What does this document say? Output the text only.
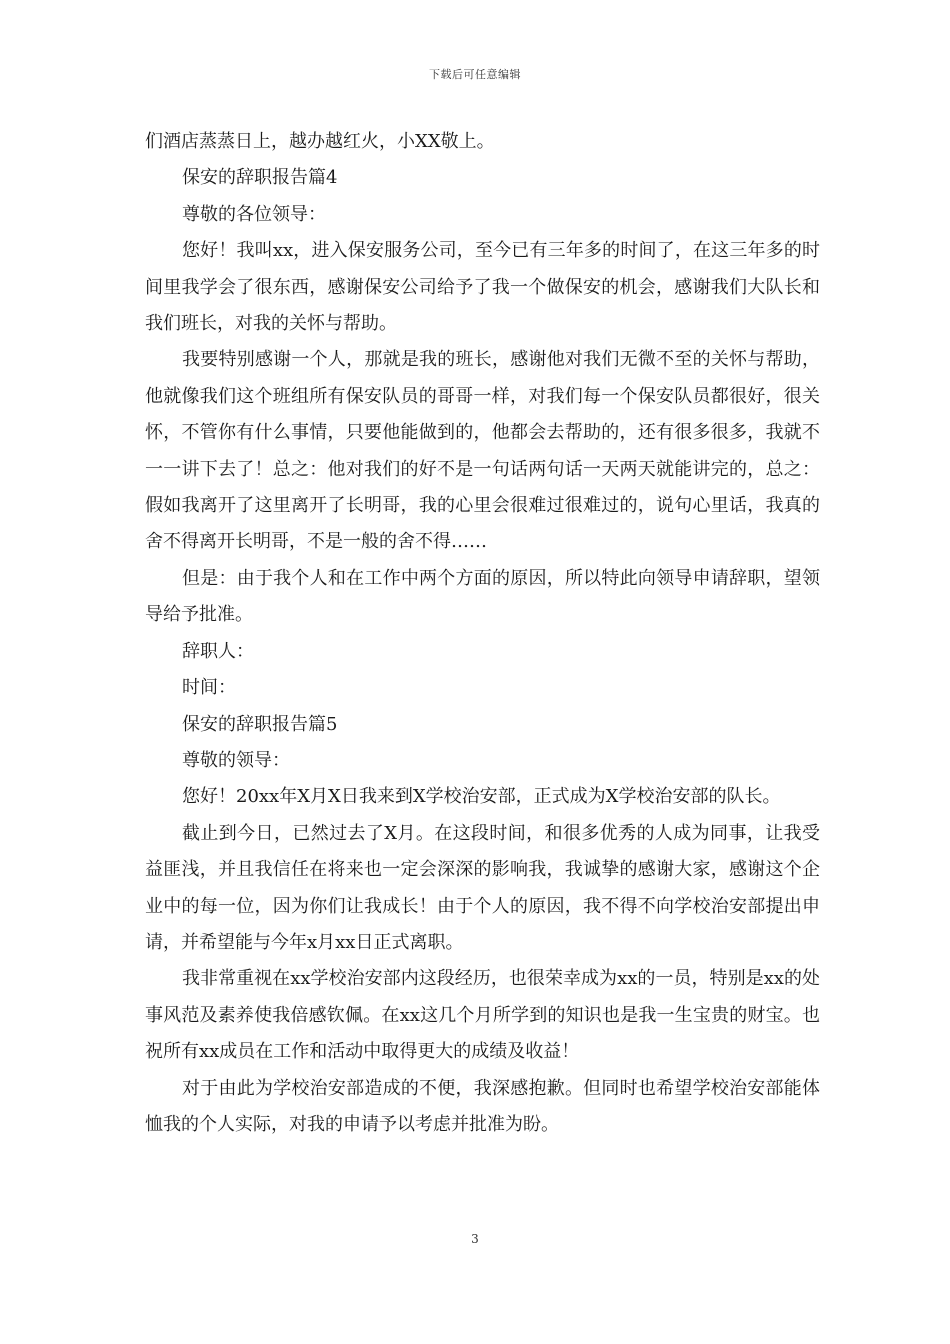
下载后可任意编辑

们酒店蒸蒸日上，越办越红火，小XX敬上。

保安的辞职报告篇4

尊敬的各位领导：

您好！我叫xx，进入保安服务公司，至今已有三年多的时间了，在这三年多的时间里我学会了很东西，感谢保安公司给予了我一个做保安的机会，感谢我们大队长和我们班长，对我的关怀与帮助。

我要特别感谢一个人，那就是我的班长，感谢他对我们无微不至的关怀与帮助，他就像我们这个班组所有保安队员的哥哥一样，对我们每一个保安队员都很好，很关怀，不管你有什么事情，只要他能做到的，他都会去帮助的，还有很多很多，我就不一一讲下去了！总之：他对我们的好不是一句话两句话一天两天就能讲完的，总之：假如我离开了这里离开了长明哥，我的心里会很难过很难过的，说句心里话，我真的舍不得离开长明哥，不是一般的舍不得……

但是：由于我个人和在工作中两个方面的原因，所以特此向领导申请辞职，望领导给予批准。

辞职人：

时间：

保安的辞职报告篇5

尊敬的领导：

您好！20xx年X月X日我来到X学校治安部，正式成为X学校治安部的队长。

截止到今日，已然过去了X月。在这段时间，和很多优秀的人成为同事，让我受益匪浅，并且我信任在将来也一定会深深的影响我，我诚挚的感谢大家，感谢这个企业中的每一位，因为你们让我成长！由于个人的原因，我不得不向学校治安部提出申请，并希望能与今年x月xx日正式离职。

我非常重视在xx学校治安部内这段经历，也很荣幸成为xx的一员，特别是xx的处事风范及素养使我倍感钦佩。在xx这几个月所学到的知识也是我一生宝贵的财宝。也祝所有xx成员在工作和活动中取得更大的成绩及收益！

对于由此为学校治安部造成的不便，我深感抱歉。但同时也希望学校治安部能体恤我的个人实际，对我的申请予以考虑并批准为盼。

3
